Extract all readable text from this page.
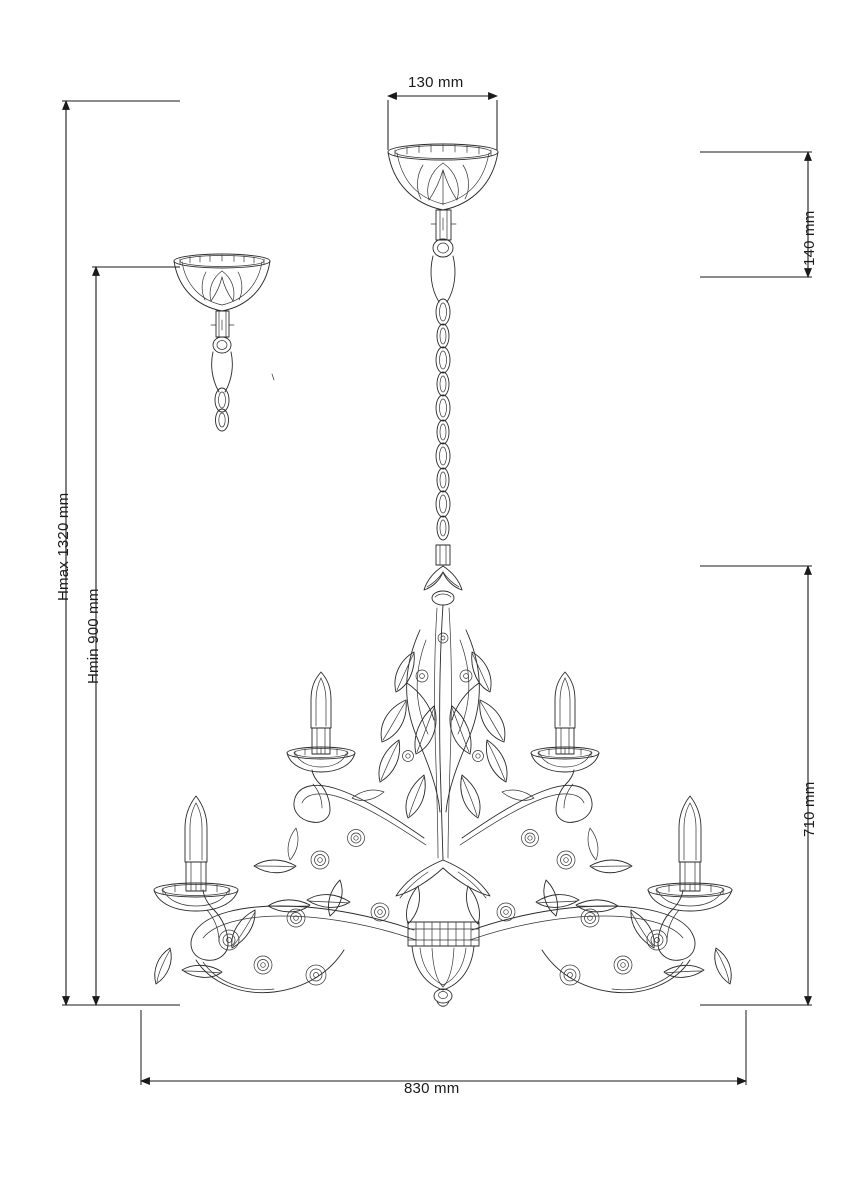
130 mm
140 mm
710 mm
Hmax 1320 mm
Hmin 900 mm
830 mm
